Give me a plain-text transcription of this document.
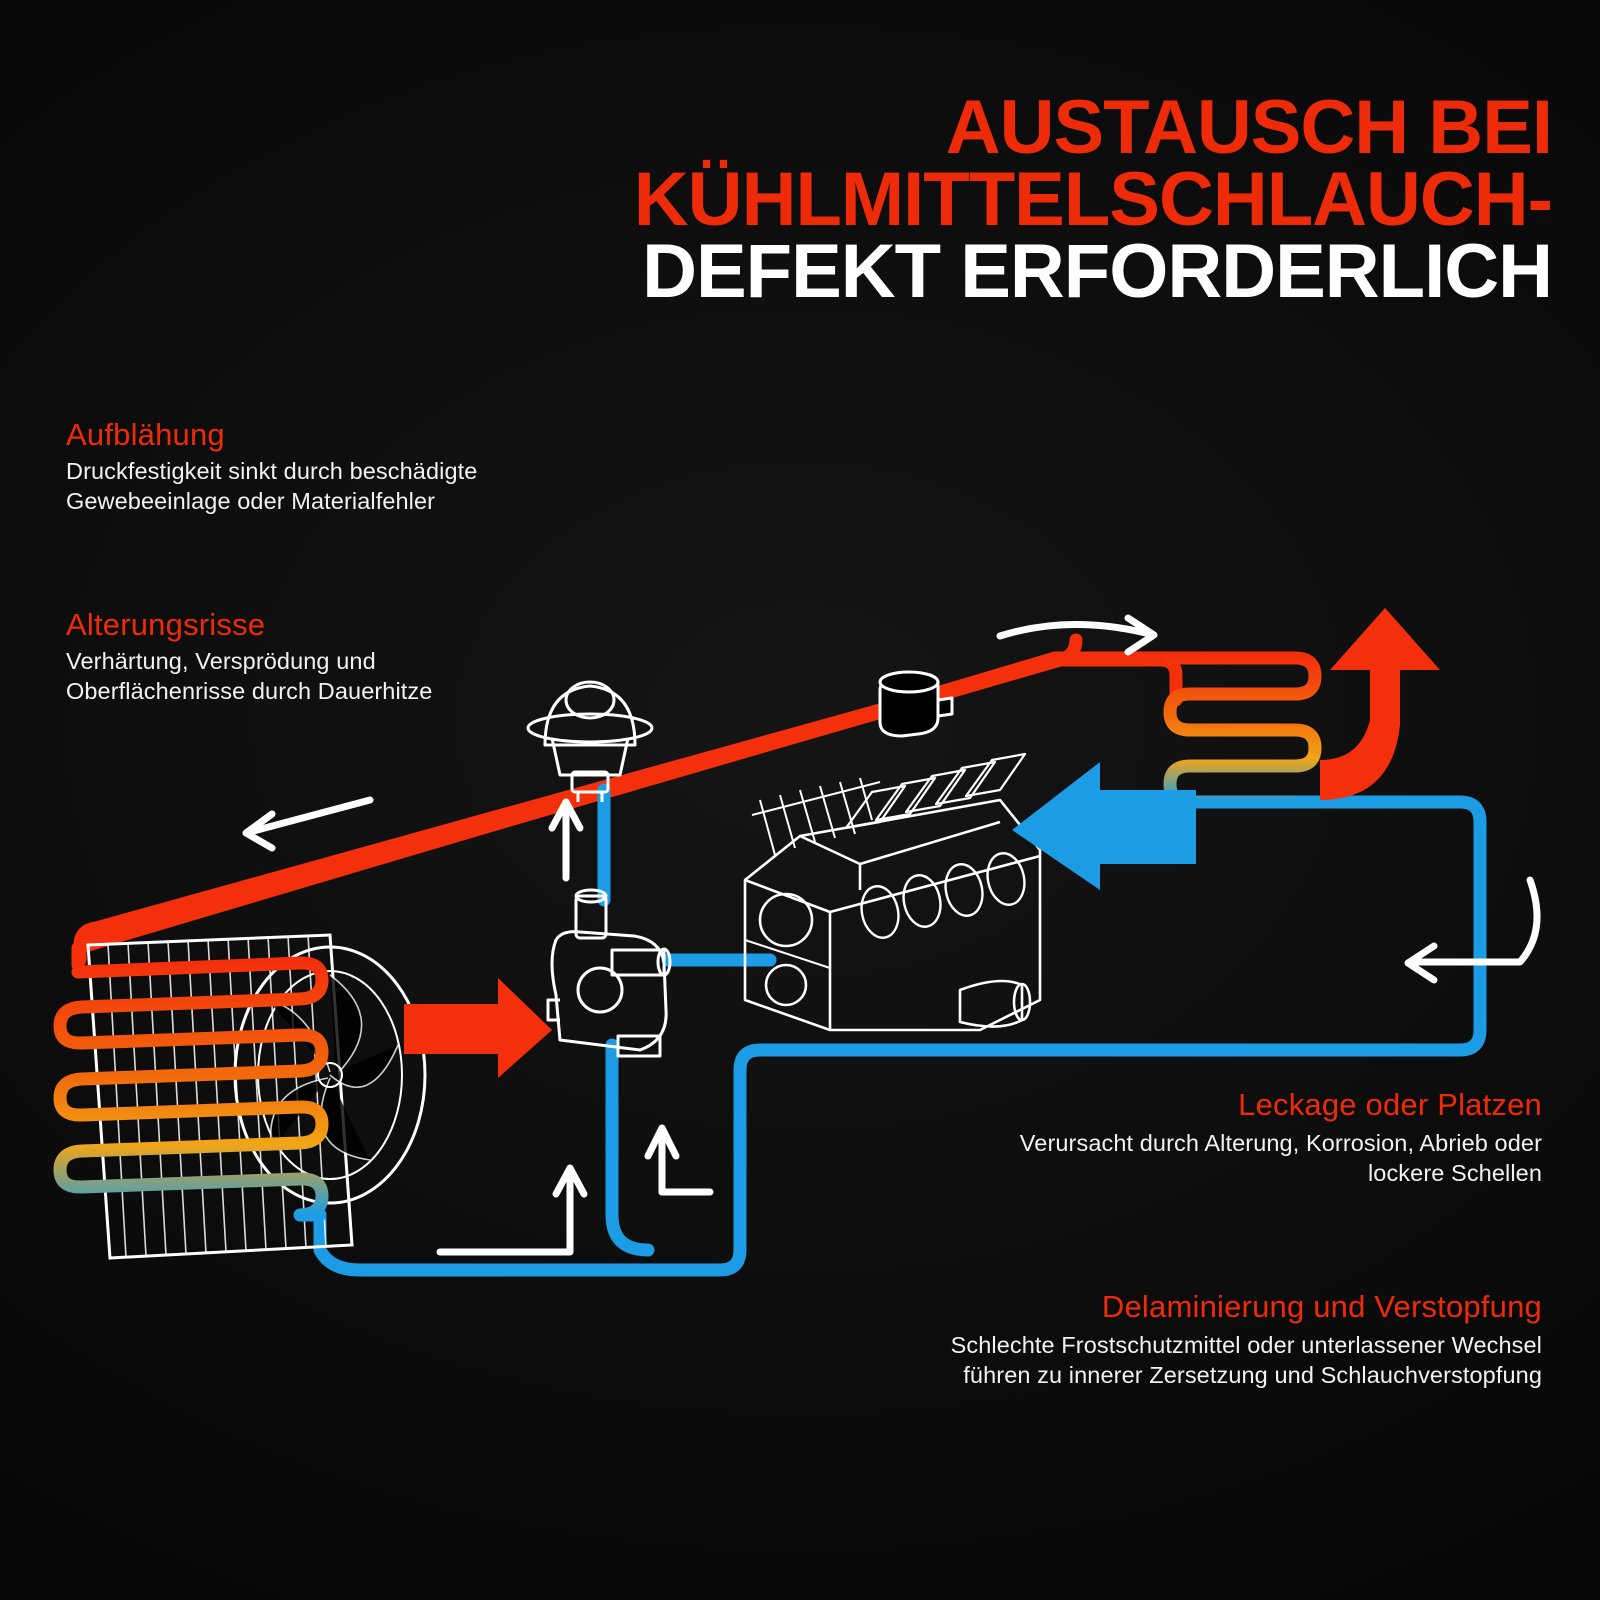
AUSTAUSCH BEI
KÜHLMITTELSCHLAUCH-
DEFEKT ERFORDERLICH
Aufblähung

Druckfestigkeit sinkt durch beschädigte Gewebeeinlage oder Materialfehler

Alterungsrisse

Verhärtung, Versprödung und Oberflächenrisse durch Dauerhitze

Leckage oder Platzen

Verursacht durch Alterung, Korrosion, Abrieb oder lockere Schellen

Delaminierung und Verstopfung

Schlechte Frostschutzmittel oder unterlassener Wechsel führen zu innerer Zersetzung und Schlauchverstopfung
